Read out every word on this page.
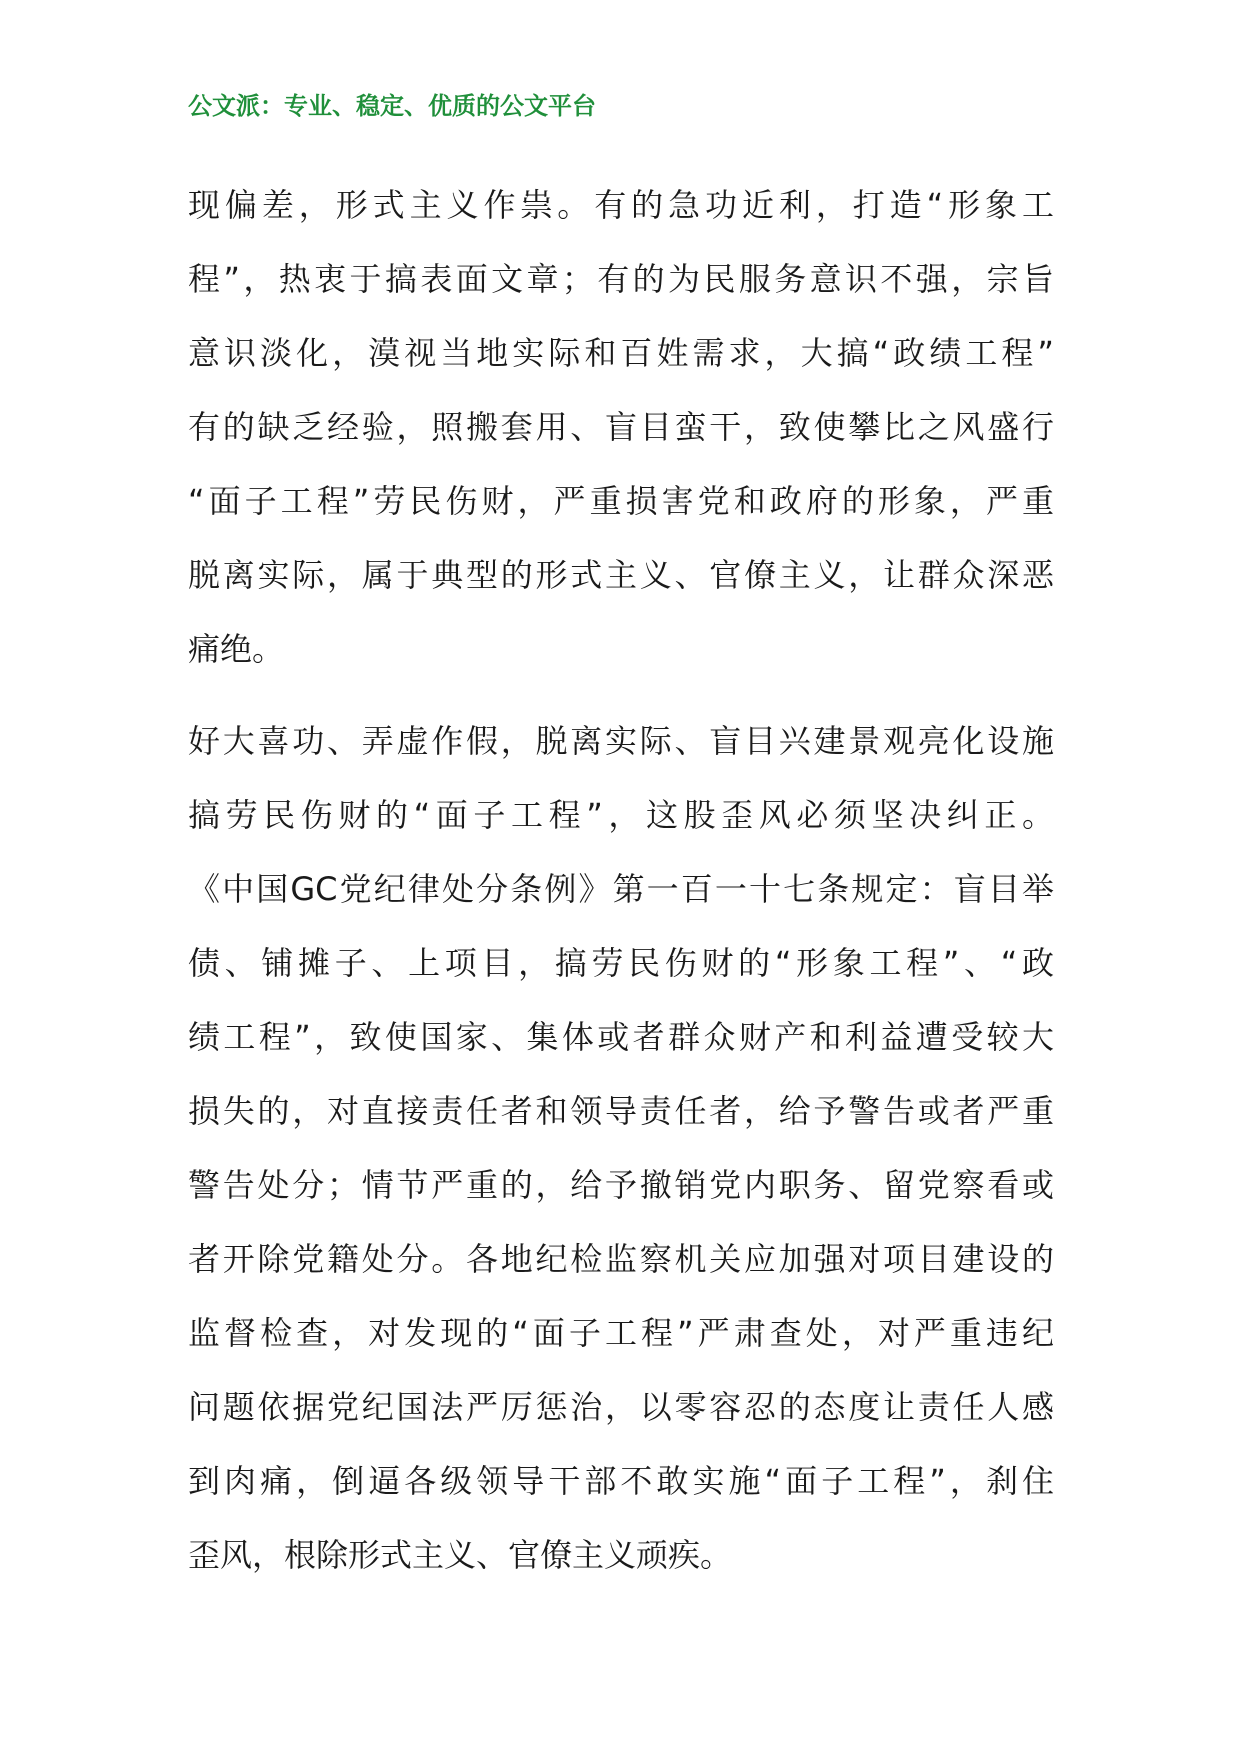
公文派：专业、稳定、优质的公文平台
现偏差，形式主义作祟。有的急功近利，打造“形象工
程”，热衷于搞表面文章；有的为民服务意识不强，宗旨
意识淡化，漠视当地实际和百姓需求，大搞“政绩工程”
有的缺乏经验，照搬套用、盲目蛮干，致使攀比之风盛行
“面子工程”劳民伤财，严重损害党和政府的形象，严重
脱离实际，属于典型的形式主义、官僚主义，让群众深恶
痛绝。
好大喜功、弄虚作假，脱离实际、盲目兴建景观亮化设施
搞劳民伤财的“面子工程”，这股歪风必须坚决纠正。
《中国GC党纪律处分条例》第一百一十七条规定：盲目举
债、铺摊子、上项目，搞劳民伤财的“形象工程”、“政
绩工程”，致使国家、集体或者群众财产和利益遭受较大
损失的，对直接责任者和领导责任者，给予警告或者严重
警告处分；情节严重的，给予撤销党内职务、留党察看或
者开除党籍处分。各地纪检监察机关应加强对项目建设的
监督检查，对发现的“面子工程”严肃查处，对严重违纪
问题依据党纪国法严厉惩治，以零容忍的态度让责任人感
到肉痛，倒逼各级领导干部不敢实施“面子工程”，刹住
歪风，根除形式主义、官僚主义顽疾。
